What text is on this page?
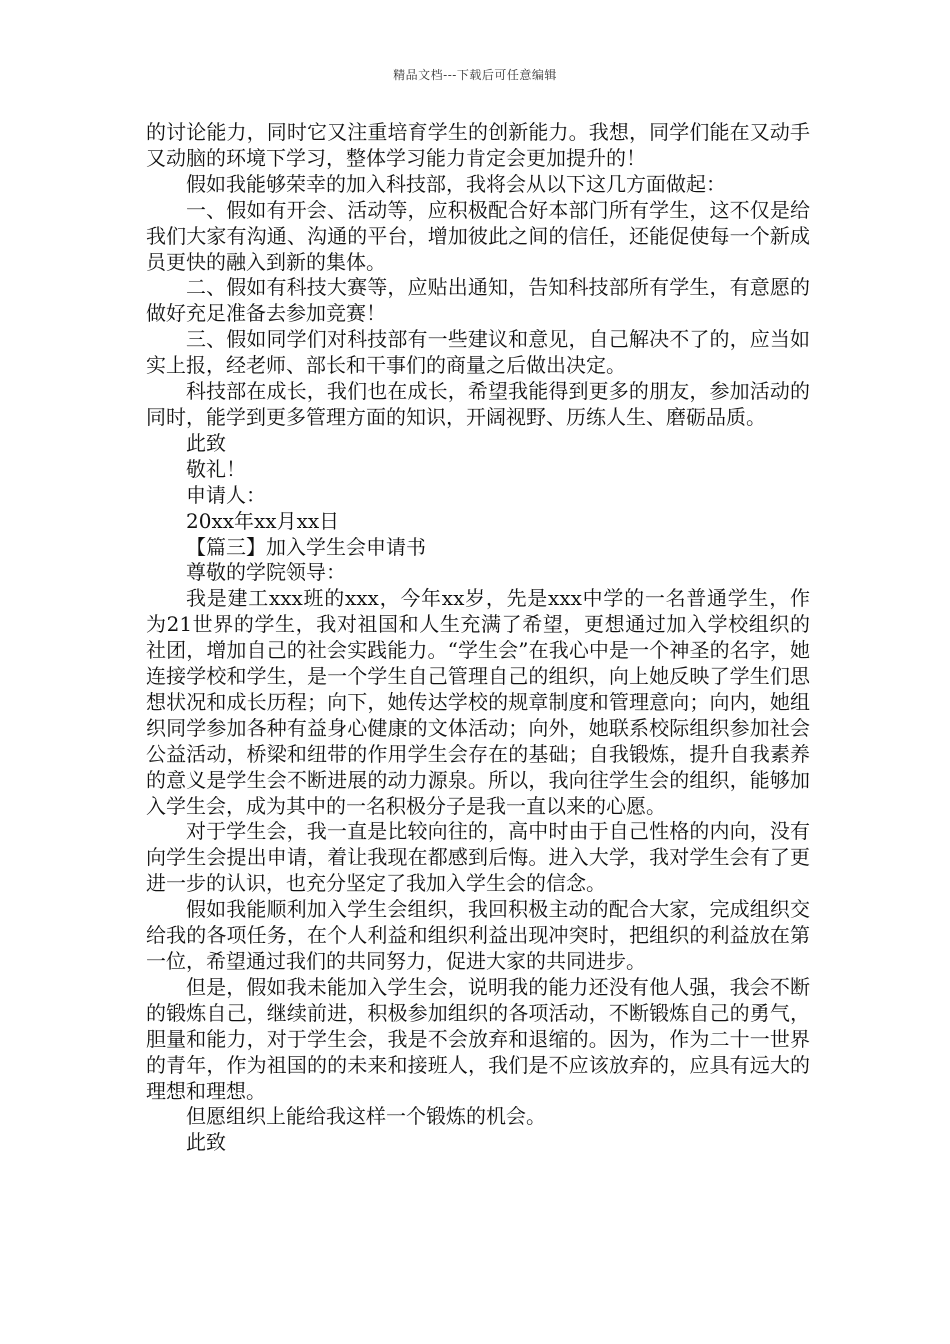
精品文档---下载后可任意编辑

的讨论能力，同时它又注重培育学生的创新能力。我想，同学们能在又动手又动脑的环境下学习，整体学习能力肯定会更加提升的！

假如我能够荣幸的加入科技部，我将会从以下这几方面做起：

一、假如有开会、活动等，应积极配合好本部门所有学生，这不仅是给我们大家有沟通、沟通的平台，增加彼此之间的信任，还能促使每一个新成员更快的融入到新的集体。

二、假如有科技大赛等，应贴出通知，告知科技部所有学生，有意愿的做好充足准备去参加竞赛！

三、假如同学们对科技部有一些建议和意见，自己解决不了的，应当如实上报，经老师、部长和干事们的商量之后做出决定。

科技部在成长，我们也在成长，希望我能得到更多的朋友，参加活动的同时，能学到更多管理方面的知识，开阔视野、历练人生、磨砺品质。

此致

敬礼！

申请人：

20xx年xx月xx日

【篇三】加入学生会申请书

尊敬的学院领导：

我是建工xxx班的xxx，今年xx岁，先是xxx中学的一名普通学生，作为21世界的学生，我对祖国和人生充满了希望，更想通过加入学校组织的社团，增加自己的社会实践能力。“学生会”在我心中是一个神圣的名字，她连接学校和学生，是一个学生自己管理自己的组织，向上她反映了学生们思想状况和成长历程；向下，她传达学校的规章制度和管理意向；向内，她组织同学参加各种有益身心健康的文体活动；向外，她联系校际组织参加社会公益活动，桥梁和纽带的作用学生会存在的基础；自我锻炼，提升自我素养的意义是学生会不断进展的动力源泉。所以，我向往学生会的组织，能够加入学生会，成为其中的一名积极分子是我一直以来的心愿。

对于学生会，我一直是比较向往的，高中时由于自己性格的内向，没有向学生会提出申请，着让我现在都感到后悔。进入大学，我对学生会有了更进一步的认识，也充分坚定了我加入学生会的信念。

假如我能顺利加入学生会组织，我回积极主动的配合大家，完成组织交给我的各项任务，在个人利益和组织利益出现冲突时，把组织的利益放在第一位，希望通过我们的共同努力，促进大家的共同进步。

但是，假如我未能加入学生会，说明我的能力还没有他人强，我会不断的锻炼自己，继续前进，积极参加组织的各项活动，不断锻炼自己的勇气，胆量和能力，对于学生会，我是不会放弃和退缩的。因为，作为二十一世界的青年，作为祖国的的未来和接班人，我们是不应该放弃的，应具有远大的理想和理想。

但愿组织上能给我这样一个锻炼的机会。

此致
